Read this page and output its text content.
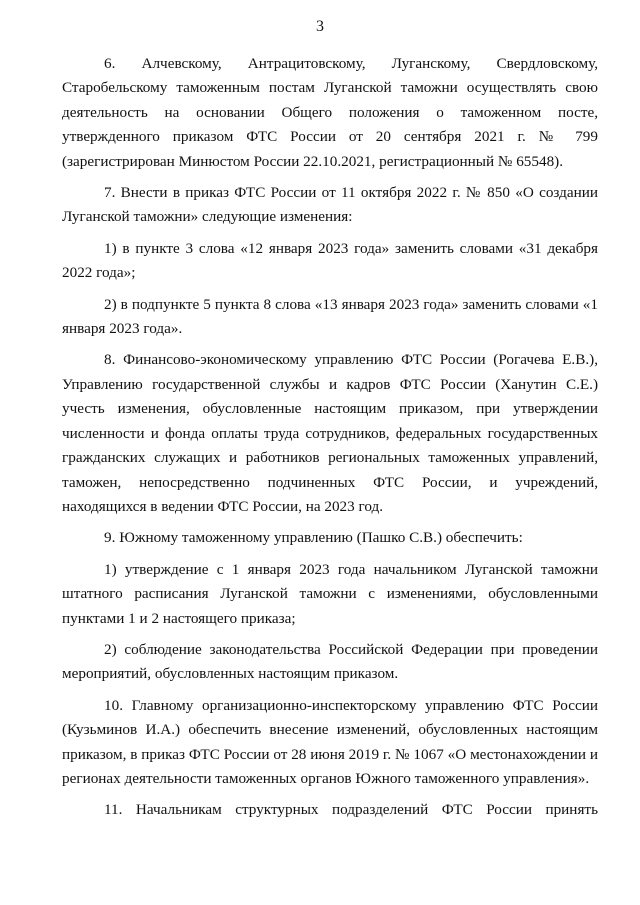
3

6. Алчевскому, Антрацитовскому, Луганскому, Свердловскому, Старобельскому таможенным постам Луганской таможни осуществлять свою деятельность на основании Общего положения о таможенном посте, утвержденного приказом ФТС России от 20 сентября 2021 г. № 799 (зарегистрирован Минюстом России 22.10.2021, регистрационный № 65548).

7. Внести в приказ ФТС России от 11 октября 2022 г. № 850 «О создании Луганской таможни» следующие изменения:

1) в пункте 3 слова «12 января 2023 года» заменить словами «31 декабря 2022 года»;

2) в подпункте 5 пункта 8 слова «13 января 2023 года» заменить словами «1 января 2023 года».

8. Финансово-экономическому управлению ФТС России (Рогачева Е.В.), Управлению государственной службы и кадров ФТС России (Ханутин С.Е.) учесть изменения, обусловленные настоящим приказом, при утверждении численности и фонда оплаты труда сотрудников, федеральных государственных гражданских служащих и работников региональных таможенных управлений, таможен, непосредственно подчиненных ФТС России, и учреждений, находящихся в ведении ФТС России, на 2023 год.

9. Южному таможенному управлению (Пашко С.В.) обеспечить:

1) утверждение с 1 января 2023 года начальником Луганской таможни штатного расписания Луганской таможни с изменениями, обусловленными пунктами 1 и 2 настоящего приказа;

2) соблюдение законодательства Российской Федерации при проведении мероприятий, обусловленных настоящим приказом.

10. Главному организационно-инспекторскому управлению ФТС России (Кузьминов И.А.) обеспечить внесение изменений, обусловленных настоящим приказом, в приказ ФТС России от 28 июня 2019 г. № 1067 «О местонахождении и регионах деятельности таможенных органов Южного таможенного управления».

11. Начальникам структурных подразделений ФТС России принять
